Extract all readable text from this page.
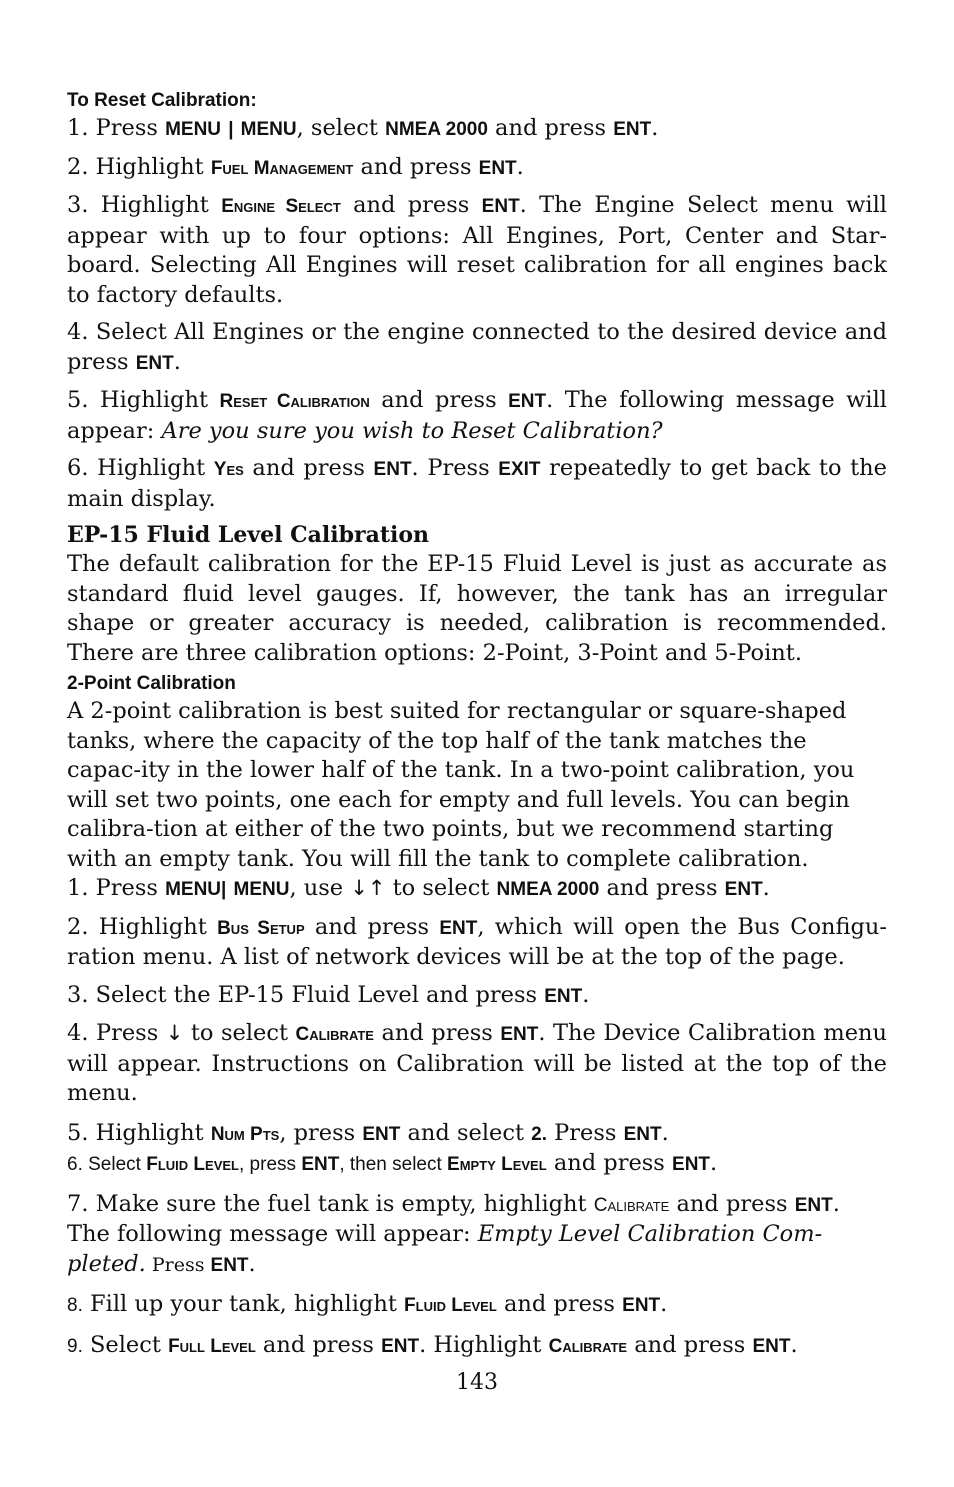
To Reset Calibration:

1. Press MENU | MENU, select NMEA 2000 and press ENT.

2. Highlight Fuel Management and press ENT.

3. Highlight Engine Select and press ENT. The Engine Select menu will appear with up to four options: All Engines, Port, Center and Star-board. Selecting All Engines will reset calibration for all engines back to factory defaults.

4. Select All Engines or the engine connected to the desired device and press ENT.

5. Highlight Reset Calibration and press ENT. The following message will appear: Are you sure you wish to Reset Calibration?

6. Highlight Yes and press ENT. Press EXIT repeatedly to get back to the main display.

EP-15 Fluid Level Calibration

The default calibration for the EP-15 Fluid Level is just as accurate as standard fluid level gauges. If, however, the tank has an irregular shape or greater accuracy is needed, calibration is recommended. There are three calibration options: 2-Point, 3-Point and 5-Point.

2-Point Calibration

A 2-point calibration is best suited for rectangular or square-shaped tanks, where the capacity of the top half of the tank matches the capac-ity in the lower half of the tank. In a two-point calibration, you will set two points, one each for empty and full levels. You can begin calibra-tion at either of the two points, but we recommend starting with an empty tank. You will fill the tank to complete calibration.

1. Press MENU| MENU, use ↓↑ to select NMEA 2000 and press ENT.

2. Highlight Bus Setup and press ENT, which will open the Bus Configu-ration menu. A list of network devices will be at the top of the page.

3. Select the EP-15 Fluid Level and press ENT.

4. Press ↓ to select Calibrate and press ENT. The Device Calibration menu will appear. Instructions on Calibration will be listed at the top of the menu.

5. Highlight Num Pts, press ENT and select 2. Press ENT.

6. Select Fluid Level, press ENT, then select Empty Level and press ENT.

7. Make sure the fuel tank is empty, highlight Calibrate and press ENT. The following message will appear: Empty Level Calibration Com-pleted. Press ENT.

8. Fill up your tank, highlight Fluid Level and press ENT.

9. Select Full Level and press ENT. Highlight Calibrate and press ENT.

143
